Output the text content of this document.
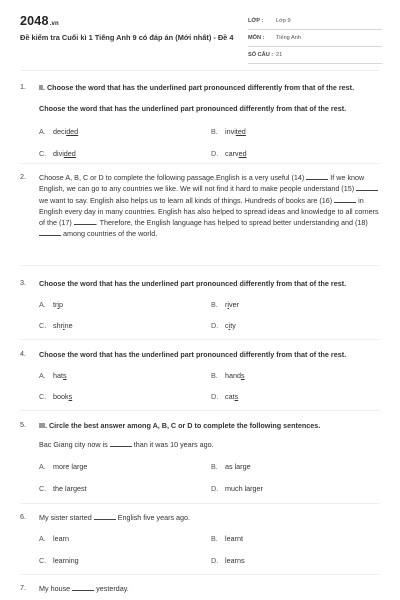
2048.vn
Đề kiểm tra Cuối kì 1 Tiếng Anh 9 có đáp án (Mới nhất) - Đề 4
LỚP : Lớp 9
MÔN : Tiếng Anh
SỐ CÂU : 21
1. II. Choose the word that has the underlined part pronounced differently from that of the rest.
Choose the word that has the underlined part pronounced differently from that of the rest.
A. decided	B. invited
C. divided	D. carved
2. Choose A, B, C or D to complete the following passage.English is a very useful (14)	If we know English, we can go to any countries we like. We will not find it hard to make people understand (15)  we want to say. English also helps us to learn all kinds of things. Hundreds of books are (16)	in English every day in many countries. English has also helped to spread ideas and knowledge to all corners of the (17)	. Therefore, the English language has helped to spread better understanding and (18)  among countries of the world.
3. Choose the word that has the underlined part pronounced differently from that of the rest.
A. trip	B. river
C. shrine	D. city
4. Choose the word that has the underlined part pronounced differently from that of the rest.
A. hats	B. hands
C. books	D. cats
5. III. Circle the best answer among A, B, C or D to complete the following sentences.
Bac Giang city now is	than it was 10 years ago.
A. more large	B. as large
C. the largest	D. much larger
6. My sister started	English five years ago.
A. learn	B. learnt
C. learning	D. learns
7. My house	yesterday.
